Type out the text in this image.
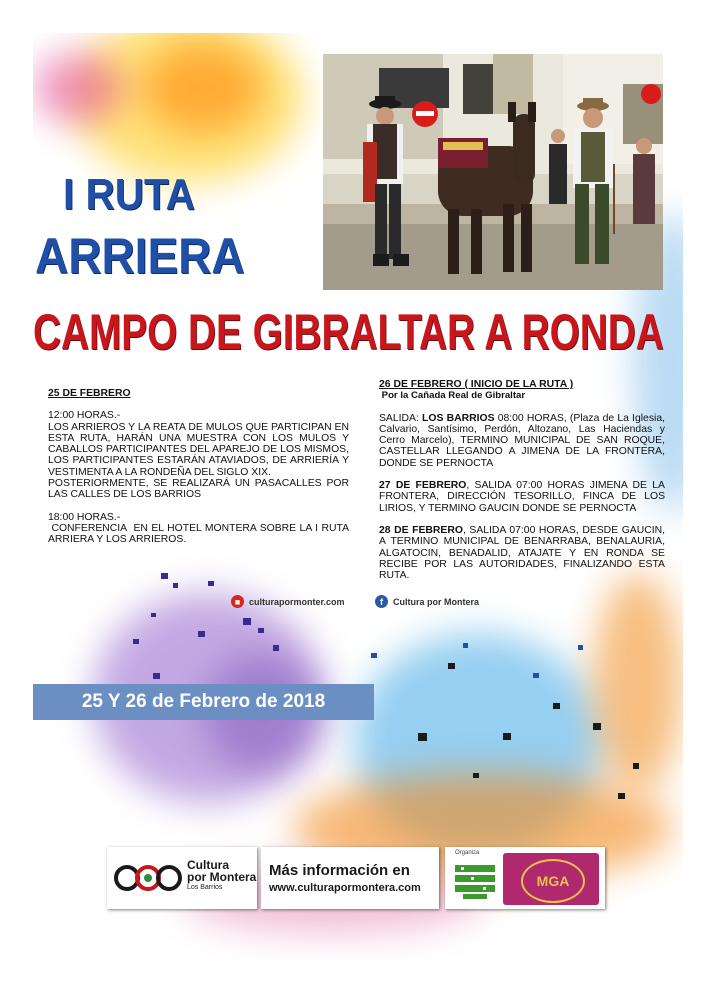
I RUTA
ARRIERA
CAMPO DE GIBRALTAR A RONDA

25 DE FEBRERO

12:00 HORAS.-
LOS ARRIEROS Y LA REATA DE MULOS QUE PARTICIPAN EN ESTA RUTA, HARÁN UNA MUESTRA CON LOS MULOS Y CABALLOS PARTICIPANTES DEL APAREJO DE LOS MISMOS, LOS PARTICIPANTES ESTARÁN ATAVIADOS, DE ARRIERÍA Y VESTIMENTA A LA RONDEÑA DEL SIGLO XIX.

POSTERIORMENTE, SE REALIZARÁ UN PASACALLES POR LAS CALLES DE LOS BARRIOS

18:00 HORAS.-
CONFERENCIA  EN EL HOTEL MONTERA SOBRE LA I RUTA ARRIERA Y LOS ARRIEROS.
26 DE FEBRERO ( INICIO DE LA RUTA )

Por la Cañada Real de Gibraltar

SALIDA: LOS BARRIOS 08:00 HORAS, (Plaza de La Iglesia, Calvario, Santísimo, Perdón, Altozano, Las Haciendas y Cerro Marcelo), TERMINO MUNICIPAL DE SAN ROQUE, CASTELLAR LLEGANDO A JIMENA DE LA FRONTERA, DONDE SE PERNOCTA

27 DE FEBRERO, SALIDA 07:00 HORAS JIMENA DE LA FRONTERA, DIRECCIÓN TESORILLO, FINCA DE LOS LIRIOS, Y TERMINO GAUCIN DONDE SE PERNOCTA

28 DE FEBRERO, SALIDA 07:00 HORAS, DESDE GAUCIN, A TERMINO MUNICIPAL DE BENARRABA, BENALAURIA, ALGATOCIN, BENADALID, ATAJATE Y EN RONDA SE RECIBE POR LAS AUTORIDADES, FINALIZANDO ESTA RUTA.

■ culturapormonter.com	f	Cultura por Montera
25 Y 26 de Febrero de 2018
Cultura
por Montera
Los Barrios
Más información en
www.culturapormontera.com
Organiza
MGA
